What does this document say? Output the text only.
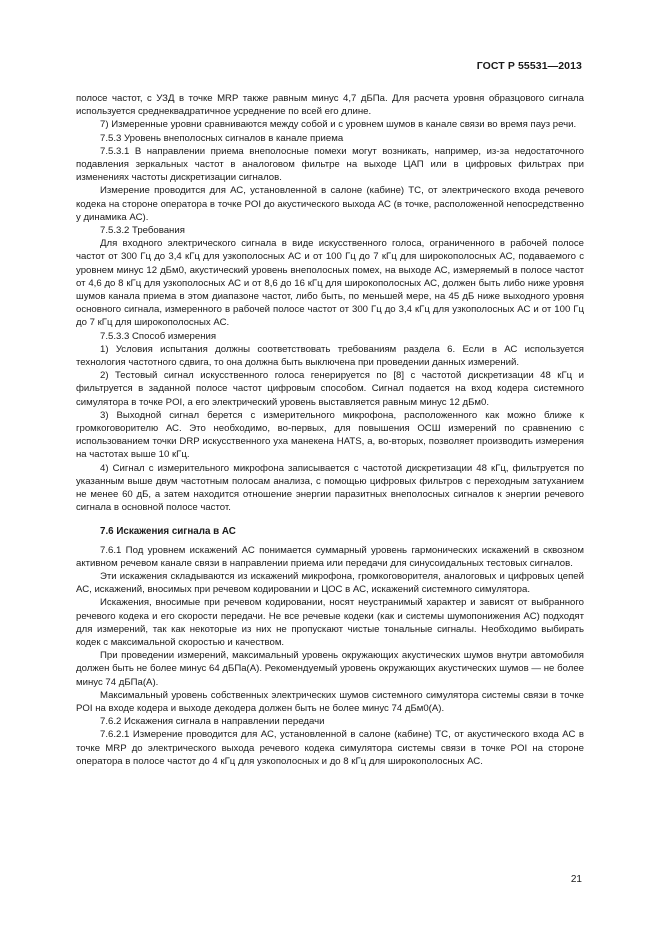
ГОСТ Р 55531—2013

полосе частот, с УЗД в точке MRP также равным минус 4,7 дБПа. Для расчета уровня образцового сигнала используется среднеквадратичное усреднение по всей его длине.

7) Измеренные уровни сравниваются между собой и с уровнем шумов в канале связи во время пауз речи.

7.5.3 Уровень внеполосных сигналов в канале приема

7.5.3.1 В направлении приема внеполосные помехи могут возникать, например, из-за недостаточного подавления зеркальных частот в аналоговом фильтре на выходе ЦАП или в цифровых фильтрах при изменениях частоты дискретизации сигналов.

Измерение проводится для АС, установленной в салоне (кабине) ТС, от электрического входа речевого кодека на стороне оператора в точке POI до акустического выхода АС (в точке, расположенной непосредственно у динамика АС).

7.5.3.2 Требования

Для входного электрического сигнала в виде искусственного голоса, ограниченного в рабочей полосе частот от 300 Гц до 3,4 кГц для узкополосных АС и от 100 Гц до 7 кГц для широкополосных АС, подаваемого с уровнем минус 12 дБм0, акустический уровень внеполосных помех, на выходе АС, измеряемый в полосе частот от 4,6 до 8 кГц для узкополосных АС и от 8,6 до 16 кГц для широкополосных АС, должен быть либо ниже уровня шумов канала приема в этом диапазоне частот, либо быть, по меньшей мере, на 45 дБ ниже выходного уровня основного сигнала, измеренного в рабочей полосе частот от 300 Гц до 3,4 кГц для узкополосных АС и от 100 Гц до 7 кГц для широкополосных АС.

7.5.3.3 Способ измерения

1) Условия испытания должны соответствовать требованиям раздела 6. Если в АС используется технология частотного сдвига, то она должна быть выключена при проведении данных измерений.

2) Тестовый сигнал искусственного голоса генерируется по [8] с частотой дискретизации 48 кГц и фильтруется в заданной полосе частот цифровым способом. Сигнал подается на вход кодера системного симулятора в точке POI, а его электрический уровень выставляется равным минус 12 дБм0.

3) Выходной сигнал берется с измерительного микрофона, расположенного как можно ближе к громкоговорителю АС. Это необходимо, во-первых, для повышения ОСШ измерений по сравнению с использованием точки DRP искусственного уха манекена HATS, а, во-вторых, позволяет производить измерения на частотах выше 10 кГц.

4) Сигнал с измерительного микрофона записывается с частотой дискретизации 48 кГц, фильтруется по указанным выше двум частотным полосам анализа, с помощью цифровых фильтров с переходным затуханием не менее 60 дБ, а затем находится отношение энергии паразитных внеполосных сигналов к энергии речевого сигнала в основной полосе частот.

7.6 Искажения сигнала в АС

7.6.1 Под уровнем искажений АС понимается суммарный уровень гармонических искажений в сквозном активном речевом канале связи в направлении приема или передачи для синусоидальных тестовых сигналов.

Эти искажения складываются из искажений микрофона, громкоговорителя, аналоговых и цифровых цепей АС, искажений, вносимых при речевом кодировании и ЦОС в АС, искажений системного симулятора.

Искажения, вносимые при речевом кодировании, носят неустранимый характер и зависят от выбранного речевого кодека и его скорости передачи. Не все речевые кодеки (как и системы шумопонижения АС) подходят для измерений, так как некоторые из них не пропускают чистые тональные сигналы. Необходимо выбирать кодек с максимальной скоростью и качеством.

При проведении измерений, максимальный уровень окружающих акустических шумов внутри автомобиля должен быть не более минус 64 дБПа(А). Рекомендуемый уровень окружающих акустических шумов — не более минус 74 дБПа(А).

Максимальный уровень собственных электрических шумов системного симулятора системы связи в точке POI на входе кодера и выходе декодера должен быть не более минус 74 дБм0(А).

7.6.2 Искажения сигнала в направлении передачи

7.6.2.1 Измерение проводится для АС, установленной в салоне (кабине) ТС, от акустического входа АС в точке MRP до электрического выхода речевого кодека симулятора системы связи в точке POI на стороне оператора в полосе частот до 4 кГц для узкополосных и до 8 кГц для широкополосных АС.

21
